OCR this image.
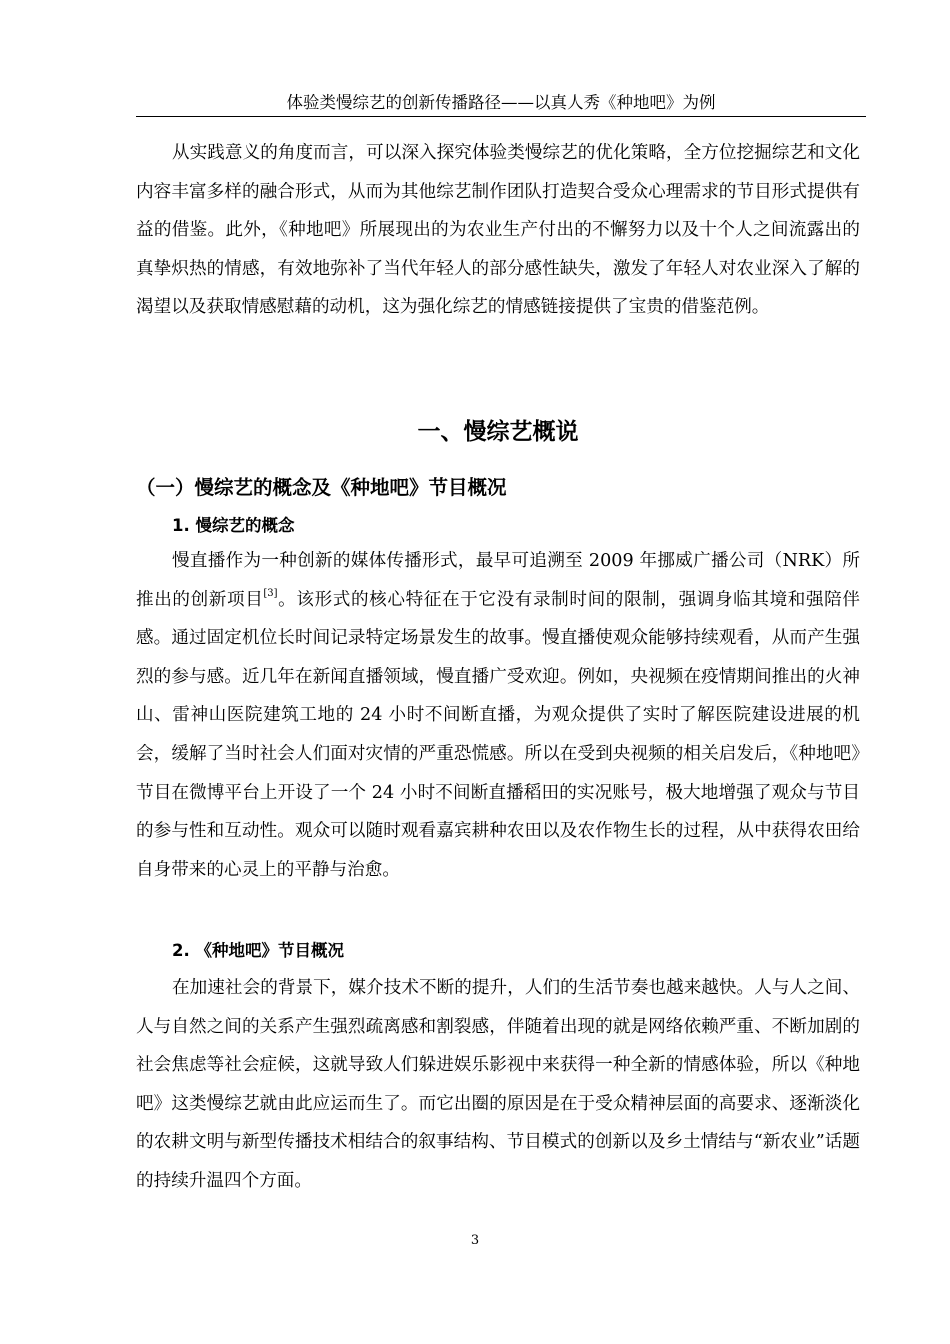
体验类慢综艺的创新传播路径——以真人秀《种地吧》为例

从实践意义的角度而言，可以深入探究体验类慢综艺的优化策略，全方位挖掘综艺和文化内容丰富多样的融合形式，从而为其他综艺制作团队打造契合受众心理需求的节目形式提供有益的借鉴。此外，《种地吧》所展现出的为农业生产付出的不懈努力以及十个人之间流露出的真挚炽热的情感，有效地弥补了当代年轻人的部分感性缺失，激发了年轻人对农业深入了解的渴望以及获取情感慰藉的动机，这为强化综艺的情感链接提供了宝贵的借鉴范例。

一、慢综艺概说
（一）慢综艺的概念及《种地吧》节目概况
1. 慢综艺的概念

慢直播作为一种创新的媒体传播形式，最早可追溯至 2009 年挪威广播公司（NRK）所推出的创新项目[3]。该形式的核心特征在于它没有录制时间的限制，强调身临其境和强陪伴感。通过固定机位长时间记录特定场景发生的故事。慢直播使观众能够持续观看，从而产生强烈的参与感。近几年在新闻直播领域，慢直播广受欢迎。例如，央视频在疫情期间推出的火神山、雷神山医院建筑工地的 24 小时不间断直播，为观众提供了实时了解医院建设进展的机会，缓解了当时社会人们面对灾情的严重恐慌感。所以在受到央视频的相关启发后，《种地吧》节目在微博平台上开设了一个 24 小时不间断直播稻田的实况账号，极大地增强了观众与节目的参与性和互动性。观众可以随时观看嘉宾耕种农田以及农作物生长的过程，从中获得农田给自身带来的心灵上的平静与治愈。

2. 《种地吧》节目概况

在加速社会的背景下，媒介技术不断的提升，人们的生活节奏也越来越快。人与人之间、人与自然之间的关系产生强烈疏离感和割裂感，伴随着出现的就是网络依赖严重、不断加剧的社会焦虑等社会症候，这就导致人们躲进娱乐影视中来获得一种全新的情感体验，所以《种地吧》这类慢综艺就由此应运而生了。而它出圈的原因是在于受众精神层面的高要求、逐渐淡化的农耕文明与新型传播技术相结合的叙事结构、节目模式的创新以及乡土情结与“新农业”话题的持续升温四个方面。

3
